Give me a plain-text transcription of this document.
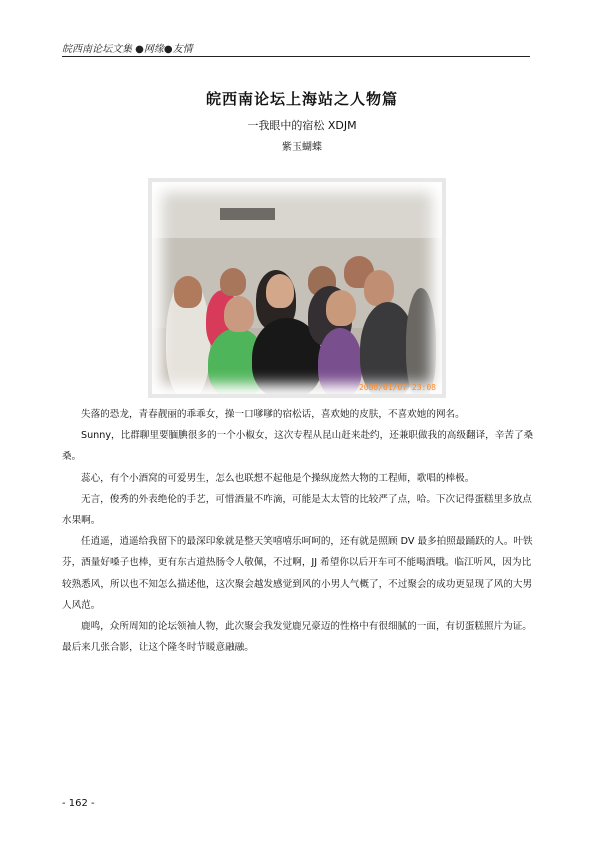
皖西南论坛文集 ●网缘●友情
皖西南论坛上海站之人物篇
一我眼中的宿松 XDJM
紫玉蝴蝶
2008/01/07 23:08

失落的恐龙，青春靓丽的乖乖女，操一口嗲嗲的宿松话，喜欢她的皮肤，不喜欢她的网名。

Sunny，比群聊里要腼腆很多的一个小椒女，这次专程从昆山赶来赴约，还兼职做我的高级翻译，辛苦了桑桑。

蕊心，有个小酒窝的可爱男生，怎么也联想不起他是个操纵庞然大物的工程师，歌唱的棒极。

无言，俊秀的外表绝伦的手艺，可惜酒量不咋滴，可能是太太管的比较严了点，哈。下次记得蛋糕里多放点水果啊。

任逍遥，逍遥给我留下的最深印象就是整天笑嘻嘻乐呵呵的，还有就是照顾 DV 最多拍照最踊跃的人。叶铁芬，酒量好嗓子也棒，更有东古道热肠令人敬佩，不过啊，JJ 希望你以后开车可不能喝酒哦。临江听风，因为比较熟悉风，所以也不知怎么描述他，这次聚会越发感觉到风的小男人气概了，不过聚会的成功更显现了风的大男人风范。

鹿鸣，众所周知的论坛领袖人物，此次聚会我发觉鹿兄豪迈的性格中有很细腻的一面，有切蛋糕照片为证。最后来几张合影，让这个隆冬时节暖意融融。

- 162 -
